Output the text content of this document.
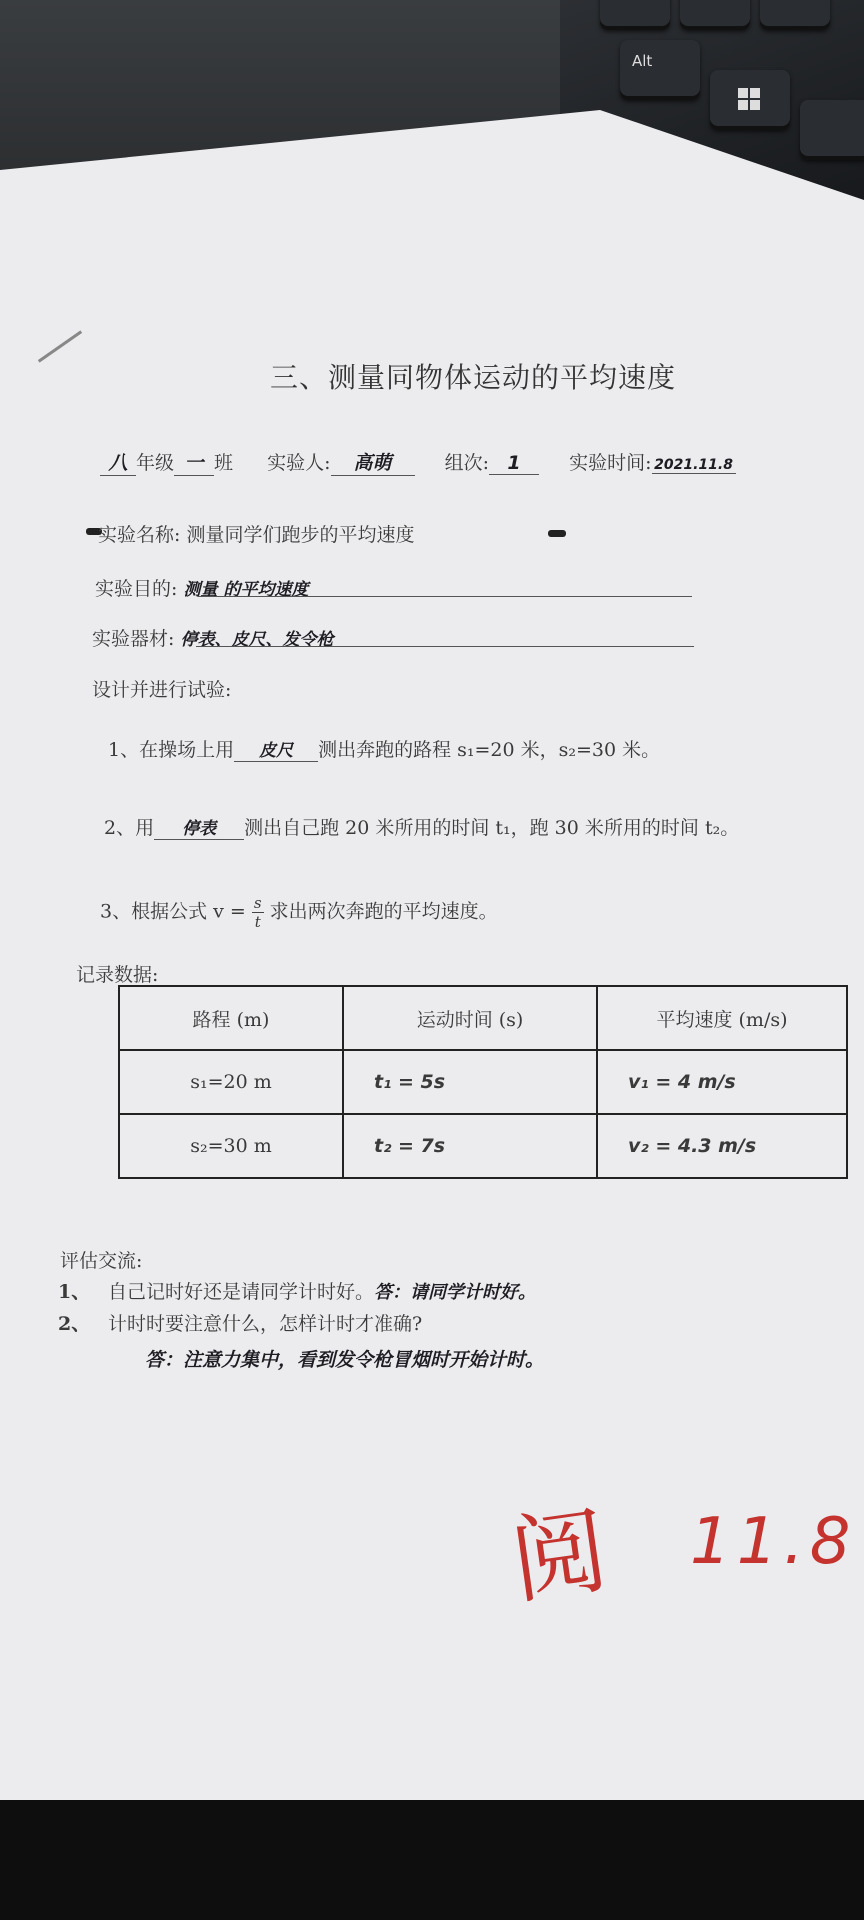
Alt
三、测量同物体运动的平均速度
八 年级 一 班 实验人: 高萌	组次: 1	实验时间: 2021.11.8
实验名称: 测量同学们跑步的平均速度
实验目的: 测量 的平均速度
实验器材: 停表、皮尺、发令枪
设计并进行试验:
1、在操场上用 皮尺 测出奔跑的路程 s₁=20 米，s₂=30 米。
2、用 停表 测出自己跑 20 米所用的时间 t₁，跑 30 米所用的时间 t₂。
3、根据公式 $v = \frac{s}{t}$ 求出两次奔跑的平均速度。
记录数据:
路程 (m)	运动时间 (s)	平均速度 (m/s)
s₁=20 m	t₁ = 5s	v₁ = 4 m/s
s₂=30 m	t₂ = 7s	v₂ = 4.3 m/s
评估交流:
1、 自己记时好还是请同学计时好。答：请同学计时好。
2、 计时时要注意什么，怎样计时才准确?
答：注意力集中，看到发令枪冒烟时开始计时。
阅 11.8
